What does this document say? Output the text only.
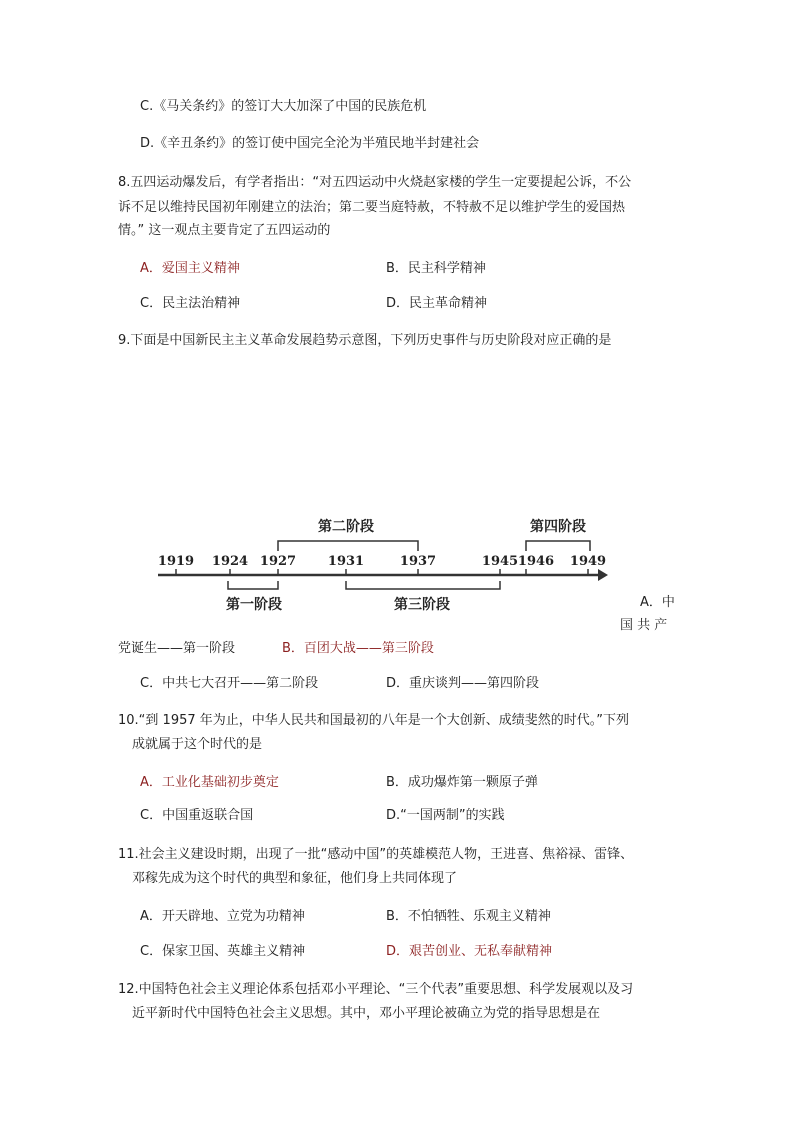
C.《马关条约》的签订大大加深了中国的民族危机
D.《辛丑条约》的签订使中国完全沦为半殖民地半封建社会
8.五四运动爆发后，有学者指出：“对五四运动中火烧赵家楼的学生一定要提起公诉，不公
诉不足以维持民国初年刚建立的法治；第二要当庭特赦，不特赦不足以维护学生的爱国热
情。” 这一观点主要肯定了五四运动的
A．爱国主义精神	B．民主科学精神
C．民主法治精神	D．民主革命精神
9.下面是中国新民主主义革命发展趋势示意图，下列历史事件与历史阶段对应正确的是
第二阶段	第四阶段
1919 1924 1927 1931	1937	1945 1946 1949
第一阶段	第三阶段	A．中
国 共 产
党诞生——第一阶段	B．百团大战——第三阶段
C．中共七大召开——第二阶段	D．重庆谈判——第四阶段
10.“到 1957 年为止，中华人民共和国最初的八年是一个大创新、成绩斐然的时代。”下列
成就属于这个时代的是
A．工业化基础初步奠定	B．成功爆炸第一颗原子弹
C．中国重返联合国	D.“一国两制”的实践
11.社会主义建设时期，出现了一批“感动中国”的英雄模范人物，王进喜、焦裕禄、雷锋、
邓稼先成为这个时代的典型和象征，他们身上共同体现了
A．开天辟地、立党为功精神	B．不怕牺牲、乐观主义精神
C．保家卫国、英雄主义精神	D．艰苦创业、无私奉献精神
12.中国特色社会主义理论体系包括邓小平理论、“三个代表”重要思想、科学发展观以及习
近平新时代中国特色社会主义思想。其中，邓小平理论被确立为党的指导思想是在
